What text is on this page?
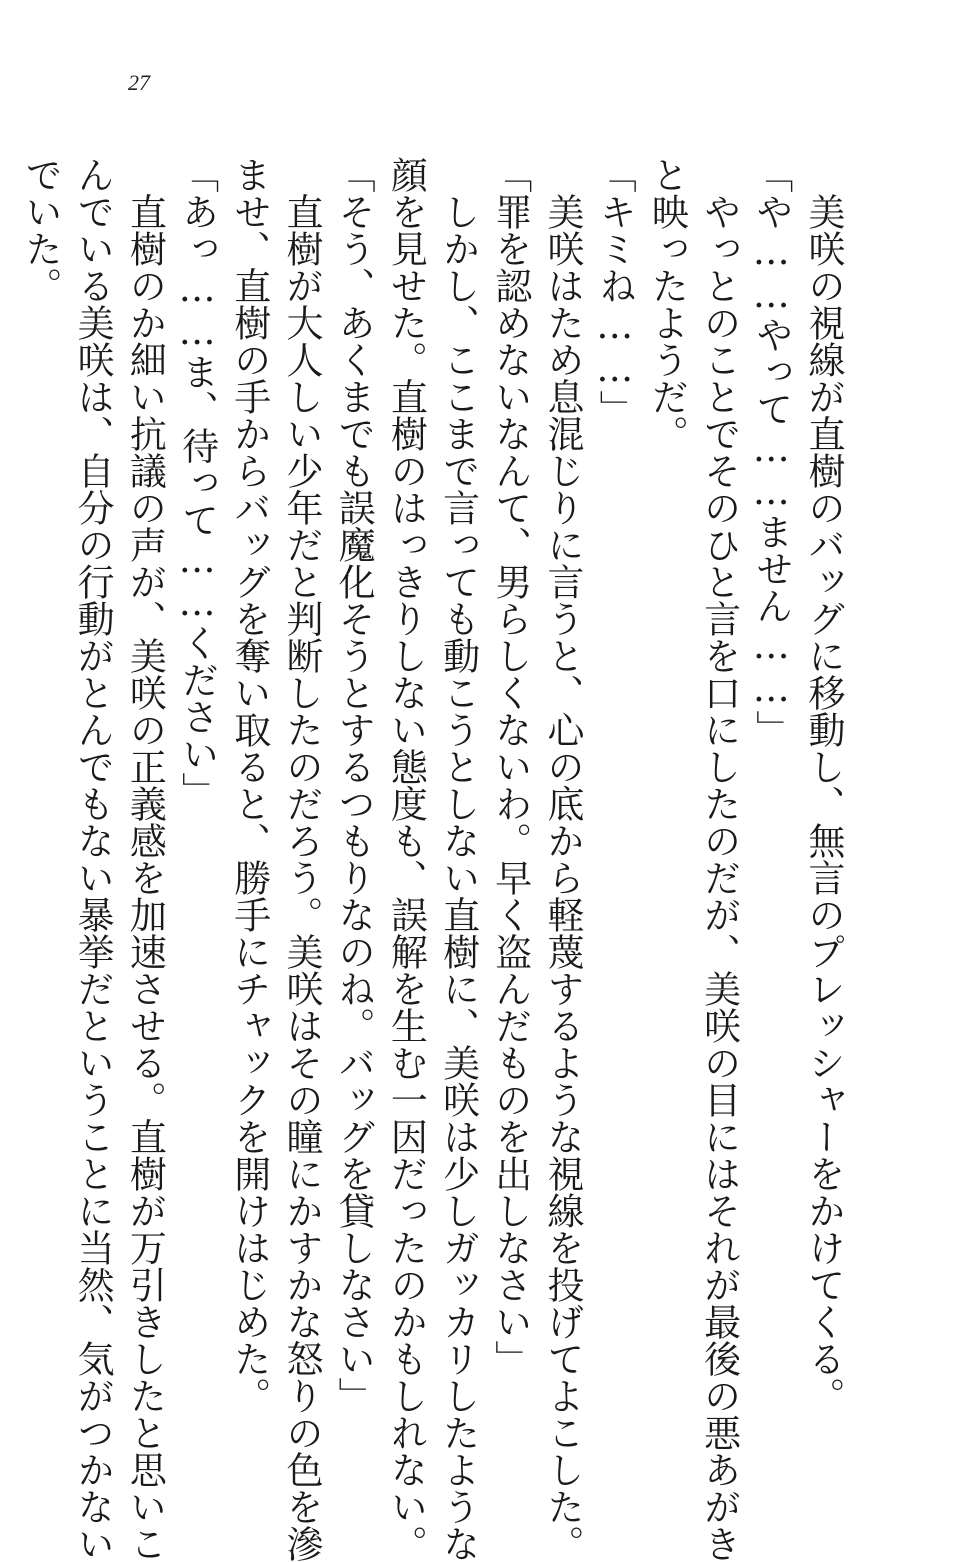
27
美咲の視線が直樹のバッグに移動し、無言のプレッシャーをかけてくる。
「や……やって……ません……」
やっとのことでそのひと言を口にしたのだが、美咲の目にはそれが最後の悪あがき
と映ったようだ。
「キミね……」
美咲はため息混じりに言うと、心の底から軽蔑するような視線を投げてよこした。
「罪を認めないなんて、男らしくないわ。早く盗んだものを出しなさい」
しかし、ここまで言っても動こうとしない直樹に、美咲は少しガッカリしたような
顔を見せた。直樹のはっきりしない態度も、誤解を生む一因だったのかもしれない。
「そう、あくまでも誤魔化そうとするつもりなのね。バッグを貸しなさい」
直樹が大人しい少年だと判断したのだろう。美咲はその瞳にかすかな怒りの色を滲
ませ、直樹の手からバッグを奪い取ると、勝手にチャックを開けはじめた。
「あっ……ま、待って……ください」
直樹のか細い抗議の声が、美咲の正義感を加速させる。直樹が万引きしたと思いこ
んでいる美咲は、自分の行動がとんでもない暴挙だということに当然、気がつかない
でいた。
